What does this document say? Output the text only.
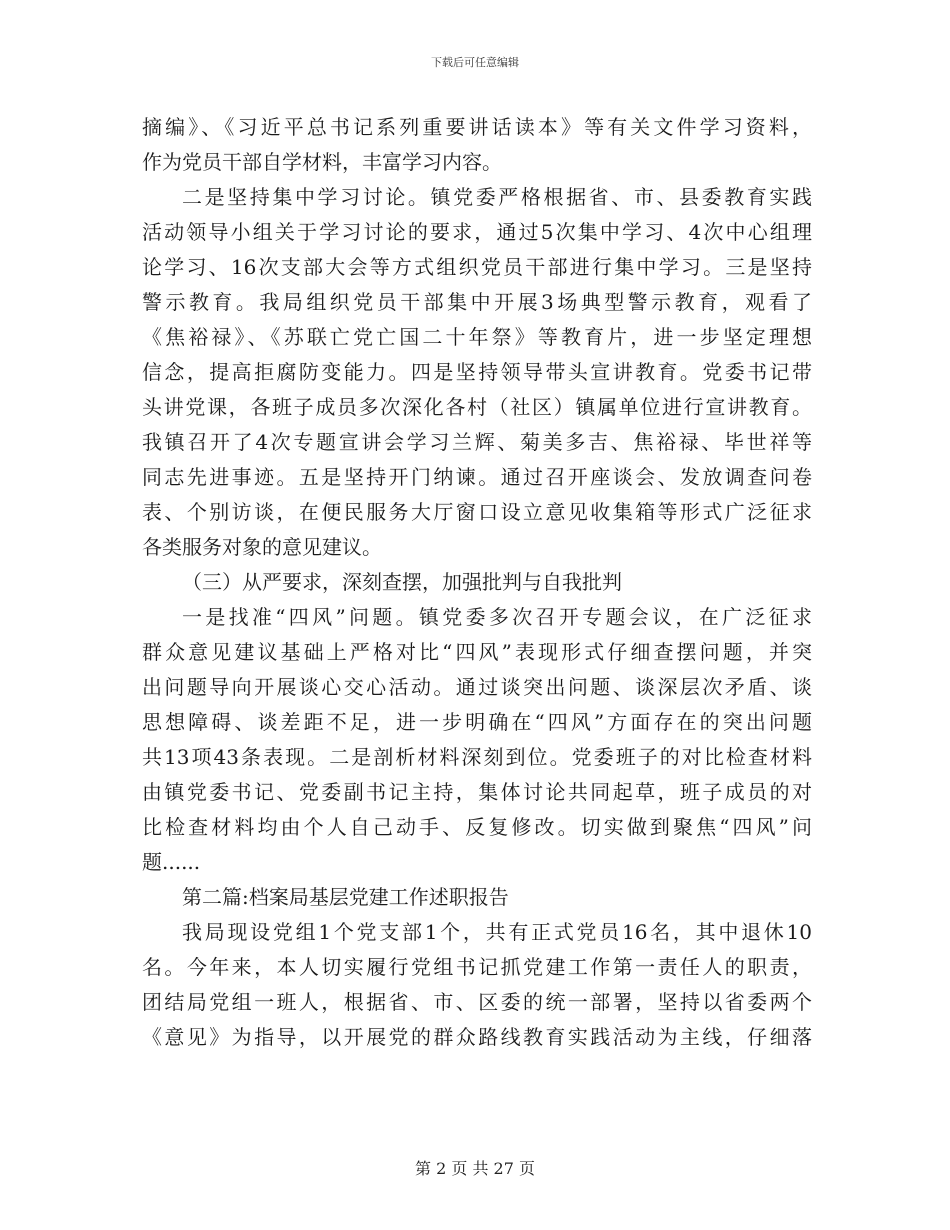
下载后可任意编辑
摘编》、《习近平总书记系列重要讲话读本》等有关文件学习资料，
作为党员干部自学材料，丰富学习内容。
二是坚持集中学习讨论。镇党委严格根据省、市、县委教育实践
活动领导小组关于学习讨论的要求，通过5次集中学习、4次中心组理
论学习、16次支部大会等方式组织党员干部进行集中学习。三是坚持
警示教育。我局组织党员干部集中开展3场典型警示教育，观看了
《焦裕禄》、《苏联亡党亡国二十年祭》等教育片，进一步坚定理想
信念，提高拒腐防变能力。四是坚持领导带头宣讲教育。党委书记带
头讲党课，各班子成员多次深化各村（社区）镇属单位进行宣讲教育。
我镇召开了4次专题宣讲会学习兰辉、菊美多吉、焦裕禄、毕世祥等
同志先进事迹。五是坚持开门纳谏。通过召开座谈会、发放调查问卷
表、个别访谈，在便民服务大厅窗口设立意见收集箱等形式广泛征求
各类服务对象的意见建议。
（三）从严要求，深刻查摆，加强批判与自我批判
一是找准“四风”问题。镇党委多次召开专题会议，在广泛征求
群众意见建议基础上严格对比“四风”表现形式仔细查摆问题，并突
出问题导向开展谈心交心活动。通过谈突出问题、谈深层次矛盾、谈
思想障碍、谈差距不足，进一步明确在“四风”方面存在的突出问题
共13项43条表现。二是剖析材料深刻到位。党委班子的对比检查材料
由镇党委书记、党委副书记主持，集体讨论共同起草，班子成员的对
比检查材料均由个人自己动手、反复修改。切实做到聚焦“四风”问
题......
第二篇:档案局基层党建工作述职报告
我局现设党组1个党支部1个，共有正式党员16名，其中退休10
名。今年来，本人切实履行党组书记抓党建工作第一责任人的职责，
团结局党组一班人，根据省、市、区委的统一部署，坚持以省委两个
《意见》为指导，以开展党的群众路线教育实践活动为主线，仔细落
第 2 页 共 27 页
